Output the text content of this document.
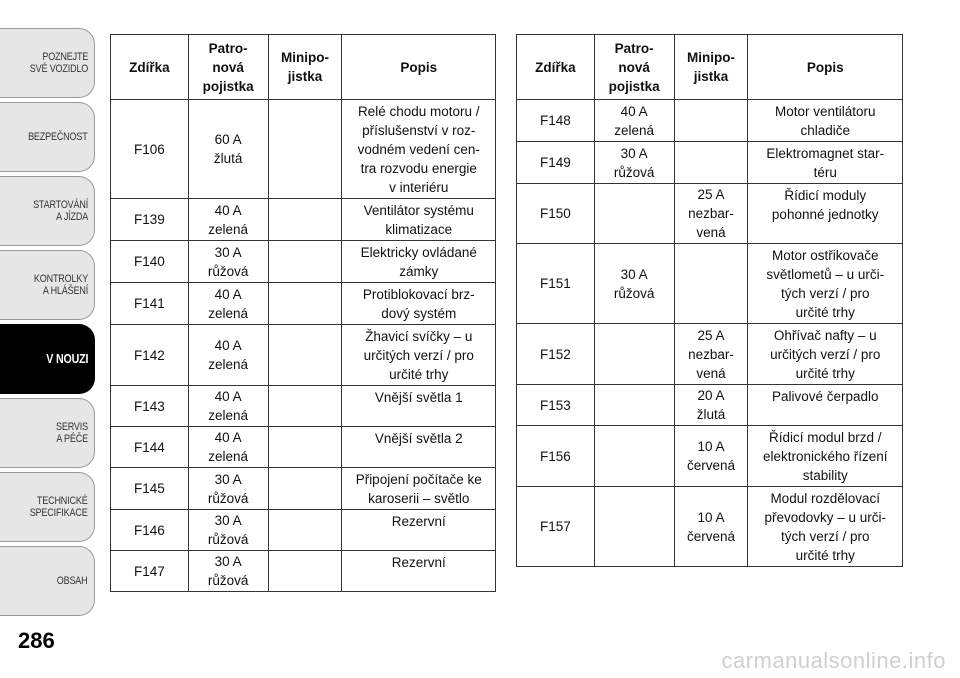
POZNEJTE
SVÉ VOZIDLO
BEZPEČNOST
STARTOVÁNÍ
A JÍZDA
KONTROLKY
A HLÁŠENÍ
V NOUZI
SERVIS
A PÉČE
TECHNICKÉ
SPECIFIKACE
OBSAH
Zdířka	Patro-
nová
pojistka	Minipo-
jistka	Popis
F106	60 A
žlutá		Relé chodu motoru /
příslušenství v roz-
vodném vedení cen-
tra rozvodu energie
v interiéru
F139	40 A
zelená		Ventilátor systému
klimatizace
F140	30 A
růžová		Elektricky ovládané
zámky
F141	40 A
zelená		Protiblokovací brz-
dový systém
F142	40 A
zelená		Žhavicí svíčky – u
určitých verzí / pro
určité trhy
F143	40 A
zelená		Vnější světla 1
F144	40 A
zelená		Vnější světla 2
F145	30 A
růžová		Připojení počítače ke
karoserii – světlo
F146	30 A
růžová		Rezervní
F147	30 A
růžová		Rezervní
Zdířka	Patro-
nová
pojistka	Minipo-
jistka	Popis
F148	40 A
zelená		Motor ventilátoru
chladiče
F149	30 A
růžová		Elektromagnet star-
téru
F150		25 A
nezbar-
vená	Řídicí moduly
pohonné jednotky
F151	30 A
růžová		Motor ostřikovače
světlometů – u urči-
tých verzí / pro
určité trhy
F152		25 A
nezbar-
vená	Ohřívač nafty – u
určitých verzí / pro
určité trhy
F153		20 A
žlutá	Palivové čerpadlo
F156		10 A
červená	Řídicí modul brzd /
elektronického řízení
stability
F157		10 A
červená	Modul rozdělovací
převodovky – u urči-
tých verzí / pro
určité trhy
286
carmanualsonline.info
